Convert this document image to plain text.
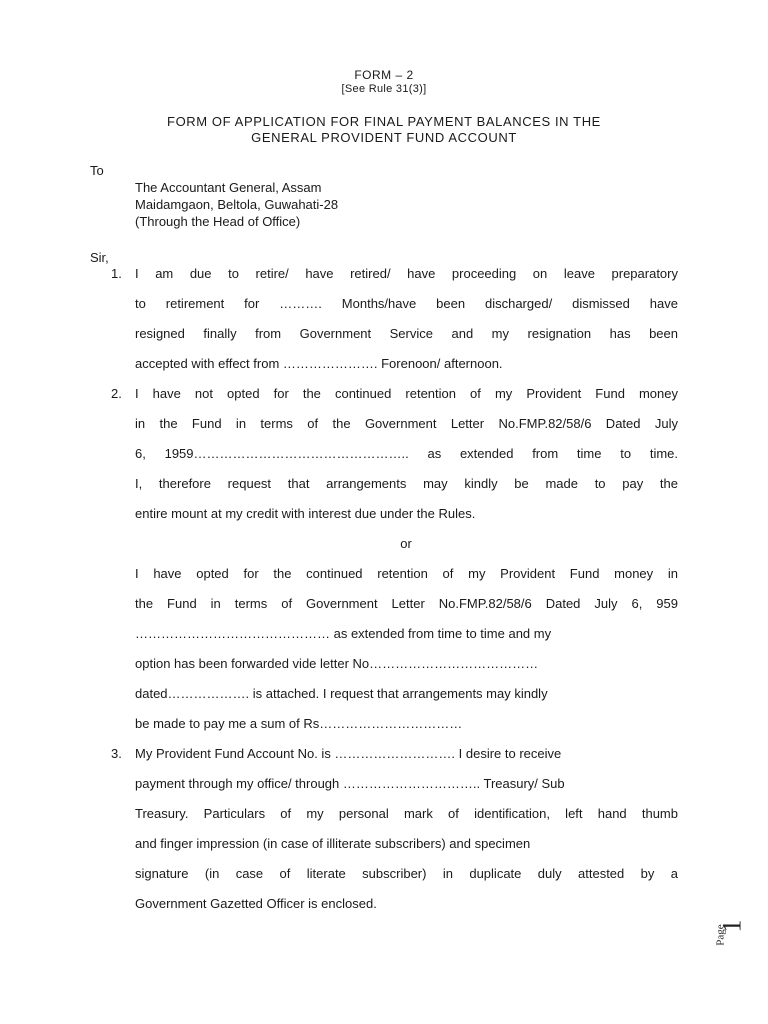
FORM – 2
[See Rule 31(3)]
FORM OF APPLICATION FOR FINAL PAYMENT BALANCES IN THE
GENERAL PROVIDENT FUND ACCOUNT
To
The Accountant General, Assam
Maidamgaon, Beltola, Guwahati-28
(Through the Head of Office)
Sir,
1. I am due to retire/ have retired/ have proceeding on leave preparatory
to retirement for ………. Months/have been discharged/ dismissed have
resigned finally from Government Service and my resignation has been
accepted with effect from …………………. Forenoon/ afternoon.
2. I have not opted for the continued retention of my Provident Fund money
in the Fund in terms of the Government Letter No.FMP.82/58/6 Dated July
6, 1959………………………………………….. as extended from time to time.
I, therefore request that arrangements may kindly be made to pay the
entire mount at my credit with interest due under the Rules.
or
I have opted for the continued retention of my Provident Fund money in
the Fund in terms of Government Letter No.FMP.82/58/6 Dated July 6, 959
……………………………………… as extended from time to time and my
option has been forwarded vide letter No…………………………………
dated………………. is attached. I request that arrangements may kindly
be made to pay me a sum of Rs……………………………
3. My Provident Fund Account No. is ………………………. I desire to receive
payment through my office/ through ………………………….. Treasury/ Sub
Treasury. Particulars of my personal mark of identification, left hand thumb
and finger impression (in case of illiterate subscribers) and specimen
signature (in case of literate subscriber) in duplicate duly attested by a
Government Gazetted Officer is enclosed.
Page
1
